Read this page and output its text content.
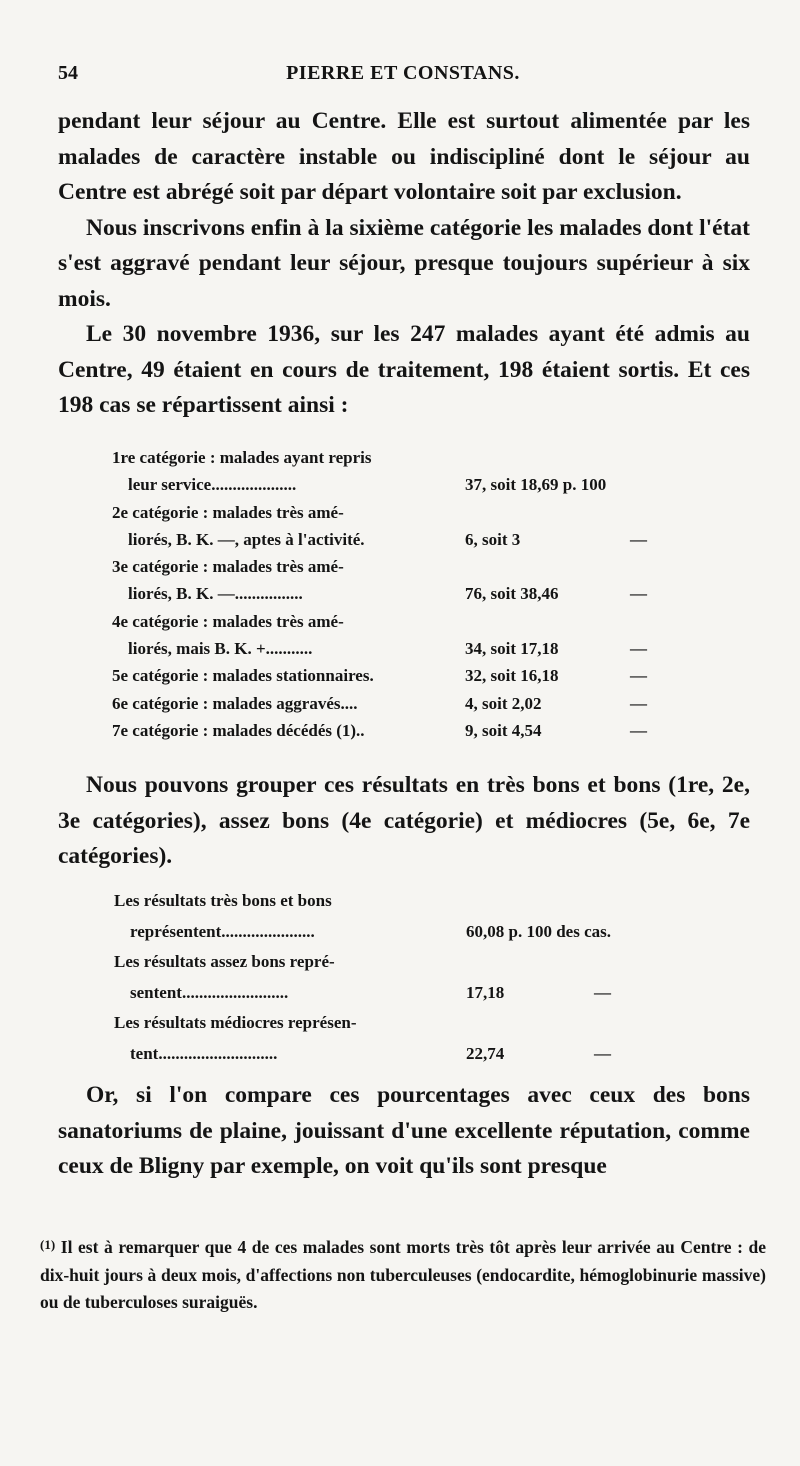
54	PIERRE ET CONSTANS.

pendant leur séjour au Centre. Elle est surtout alimentée par les malades de caractère instable ou indiscipliné dont le séjour au Centre est abrégé soit par départ volontaire soit par exclusion.

Nous inscrivons enfin à la sixième catégorie les malades dont l'état s'est aggravé pendant leur séjour, presque toujours supérieur à six mois.

Le 30 novembre 1936, sur les 247 malades ayant été admis au Centre, 49 étaient en cours de traitement, 198 étaient sortis. Et ces 198 cas se répartissent ainsi :

1re catégorie : malades ayant repris
leur service....................	37, soit 18,69 p. 100
2e catégorie : malades très amé-
liorés, B. K. —, aptes à l'activité.	6, soit 3	—
3e catégorie : malades très amé-
liorés, B. K. —................	76, soit 38,46	—
4e catégorie : malades très amé-
liorés, mais B. K. +...........	34, soit 17,18	—
5e catégorie : malades stationnaires.	32, soit 16,18	—
6e catégorie : malades aggravés....	4, soit 2,02	—
7e catégorie : malades décédés (1)..	9, soit 4,54	—

Nous pouvons grouper ces résultats en très bons et bons (1re, 2e, 3e catégories), assez bons (4e catégorie) et médiocres (5e, 6e, 7e catégories).

Les résultats très bons et bons
représentent......................	60,08 p. 100 des cas.
Les résultats assez bons repré-
sentent.........................	17,18	—
Les résultats médiocres représen-
tent............................	22,74	—

Or, si l'on compare ces pourcentages avec ceux des bons sanatoriums de plaine, jouissant d'une excellente réputation, comme ceux de Bligny par exemple, on voit qu'ils sont presque

$^{(1)}$ Il est à remarquer que 4 de ces malades sont morts très tôt après leur arrivée au Centre : de dix-huit jours à deux mois, d'affections non tuberculeuses (endocardite, hémoglobinurie massive) ou de tuberculoses suraiguës.
